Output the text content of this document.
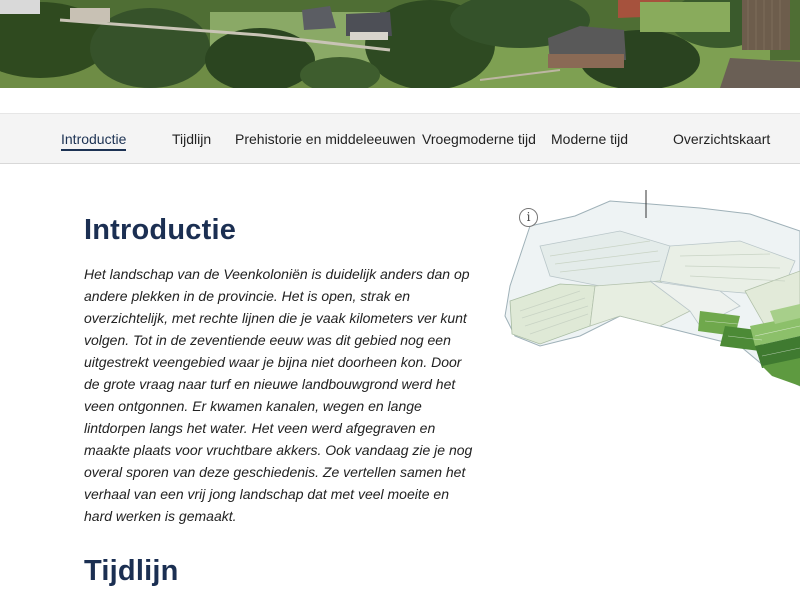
Introductie	Tijdlijn Prehistorie en middeleeuwen Vroegmoderne tijd Moderne tijd	Overzichtskaart
Introductie

Het landschap van de Veenkoloniën is duidelijk anders dan op andere plekken in de provincie. Het is open, strak en overzichtelijk, met rechte lijnen die je vaak kilometers ver kunt volgen. Tot in de zeventiende eeuw was dit gebied nog een uitgestrekt veengebied waar je bijna niet doorheen kon. Door de grote vraag naar turf en nieuwe landbouwgrond werd het veen ontgonnen. Er kwamen kanalen, wegen en lange lintdorpen langs het water. Het veen werd afgegraven en maakte plaats voor vruchtbare akkers. Ook vandaag zie je nog overal sporen van deze geschiedenis. Ze vertellen samen het verhaal van een vrij jong landschap dat met veel moeite en hard werken is gemaakt.

i
Tijdlijn
